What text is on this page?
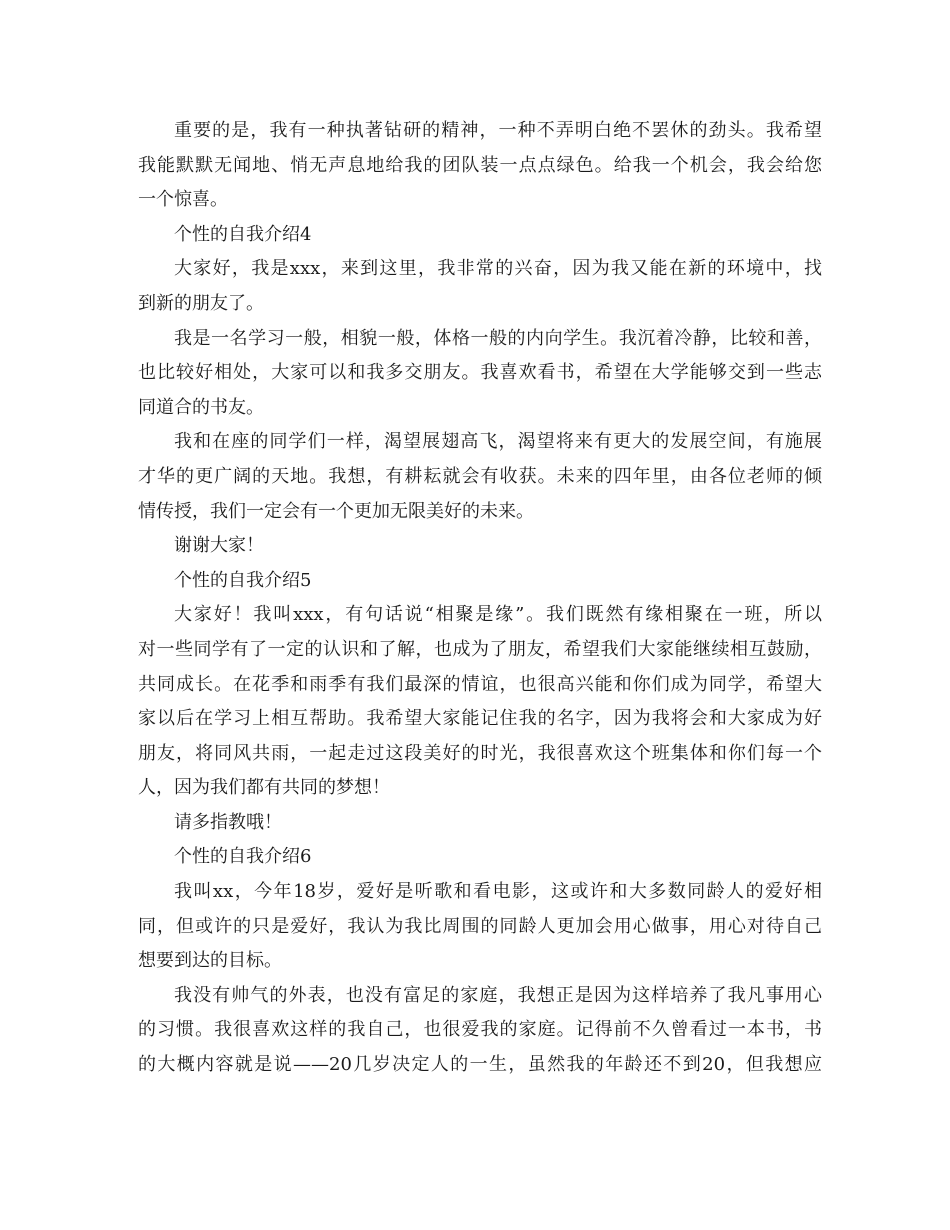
重要的是，我有一种执著钻研的精神，一种不弄明白绝不罢休的劲头。我希望
我能默默无闻地、悄无声息地给我的团队装一点点绿色。给我一个机会，我会给您
一个惊喜。
个性的自我介绍4
大家好，我是xxx，来到这里，我非常的兴奋，因为我又能在新的环境中，找
到新的朋友了。
我是一名学习一般，相貌一般，体格一般的内向学生。我沉着冷静，比较和善，
也比较好相处，大家可以和我多交朋友。我喜欢看书，希望在大学能够交到一些志
同道合的书友。
我和在座的同学们一样，渴望展翅高飞，渴望将来有更大的发展空间，有施展
才华的更广阔的天地。我想，有耕耘就会有收获。未来的四年里，由各位老师的倾
情传授，我们一定会有一个更加无限美好的未来。
谢谢大家！
个性的自我介绍5
大家好！我叫xxx，有句话说“相聚是缘”。我们既然有缘相聚在一班，所以
对一些同学有了一定的认识和了解，也成为了朋友，希望我们大家能继续相互鼓励，
共同成长。在花季和雨季有我们最深的情谊，也很高兴能和你们成为同学，希望大
家以后在学习上相互帮助。我希望大家能记住我的名字，因为我将会和大家成为好
朋友，将同风共雨，一起走过这段美好的时光，我很喜欢这个班集体和你们每一个
人，因为我们都有共同的梦想！
请多指教哦！
个性的自我介绍6
我叫xx，今年18岁，爱好是听歌和看电影，这或许和大多数同龄人的爱好相
同，但或许的只是爱好，我认为我比周围的同龄人更加会用心做事，用心对待自己
想要到达的目标。
我没有帅气的外表，也没有富足的家庭，我想正是因为这样培养了我凡事用心
的习惯。我很喜欢这样的我自己，也很爱我的家庭。记得前不久曾看过一本书，书
的大概内容就是说——20几岁决定人的一生，虽然我的年龄还不到20，但我想应
